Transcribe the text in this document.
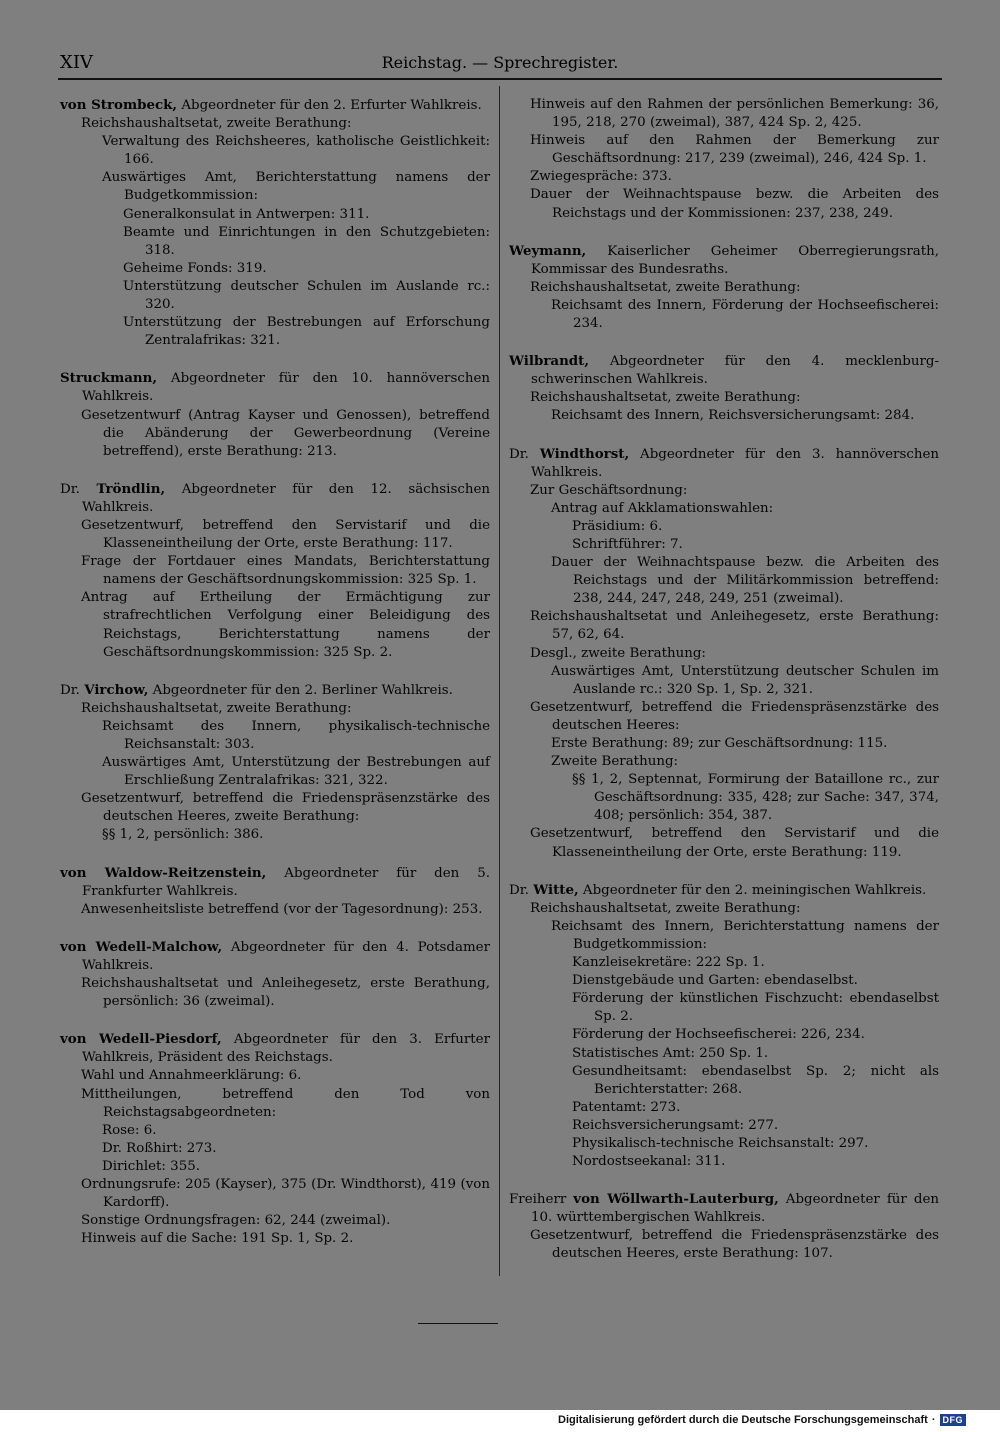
XIV	Reichstag. — Sprechregister.
von Strombeck, Abgeordneter für den 2. Erfurter Wahlkreis.
Reichshaushaltsetat, zweite Berathung:
Verwaltung des Reichsheeres, katholische Geistlichkeit: 166.
Auswärtiges Amt, Berichterstattung namens der Budgetkommission:
Generalkonsulat in Antwerpen: 311.
Beamte und Einrichtungen in den Schutzgebieten: 318.
Geheime Fonds: 319.
Unterstützung deutscher Schulen im Auslande rc.: 320.
Unterstützung der Bestrebungen auf Erforschung Zentralafrikas: 321.
Struckmann, Abgeordneter für den 10. hannöverschen Wahlkreis.
Gesetzentwurf (Antrag Kayser und Genossen), betreffend die Abänderung der Gewerbeordnung (Vereine betreffend), erste Berathung: 213.
Dr. Tröndlin, Abgeordneter für den 12. sächsischen Wahlkreis.
Gesetzentwurf, betreffend den Servistarif und die Klasseneintheilung der Orte, erste Berathung: 117.
Frage der Fortdauer eines Mandats, Berichterstattung namens der Geschäftsordnungskommission: 325 Sp. 1.
Antrag auf Ertheilung der Ermächtigung zur strafrechtlichen Verfolgung einer Beleidigung des Reichstags, Berichterstattung namens der Geschäftsordnungskommission: 325 Sp. 2.
Dr. Virchow, Abgeordneter für den 2. Berliner Wahlkreis.
Reichshaushaltsetat, zweite Berathung:
Reichsamt des Innern, physikalisch-technische Reichsanstalt: 303.
Auswärtiges Amt, Unterstützung der Bestrebungen auf Erschließung Zentralafrikas: 321, 322.
Gesetzentwurf, betreffend die Friedenspräsenzstärke des deutschen Heeres, zweite Berathung:
§§ 1, 2, persönlich: 386.
von Waldow-Reitzenstein, Abgeordneter für den 5. Frankfurter Wahlkreis.
Anwesenheitsliste betreffend (vor der Tagesordnung): 253.
von Wedell-Malchow, Abgeordneter für den 4. Potsdamer Wahlkreis.
Reichshaushaltsetat und Anleihegesetz, erste Berathung, persönlich: 36 (zweimal).
von Wedell-Piesdorf, Abgeordneter für den 3. Erfurter Wahlkreis, Präsident des Reichstags.
Wahl und Annahmeerklärung: 6.
Mittheilungen, betreffend den Tod von Reichstagsabgeordneten:
Rose: 6.
Dr. Roßhirt: 273.
Dirichlet: 355.
Ordnungsrufe: 205 (Kayser), 375 (Dr. Windthorst), 419 (von Kardorff).
Sonstige Ordnungsfragen: 62, 244 (zweimal).
Hinweis auf die Sache: 191 Sp. 1, Sp. 2.
Hinweis auf den Rahmen der persönlichen Bemerkung: 36, 195, 218, 270 (zweimal), 387, 424 Sp. 2, 425.
Hinweis auf den Rahmen der Bemerkung zur Geschäftsordnung: 217, 239 (zweimal), 246, 424 Sp. 1.
Zwiegespräche: 373.
Dauer der Weihnachtspause bezw. die Arbeiten des Reichstags und der Kommissionen: 237, 238, 249.
Weymann, Kaiserlicher Geheimer Oberregierungsrath, Kommissar des Bundesraths.
Reichshaushaltsetat, zweite Berathung:
Reichsamt des Innern, Förderung der Hochseefischerei: 234.
Wilbrandt, Abgeordneter für den 4. mecklenburg-schwerinschen Wahlkreis.
Reichshaushaltsetat, zweite Berathung:
Reichsamt des Innern, Reichsversicherungsamt: 284.
Dr. Windthorst, Abgeordneter für den 3. hannöverschen Wahlkreis.
Zur Geschäftsordnung:
Antrag auf Akklamationswahlen:
Präsidium: 6.
Schriftführer: 7.
Dauer der Weihnachtspause bezw. die Arbeiten des Reichstags und der Militärkommission betreffend: 238, 244, 247, 248, 249, 251 (zweimal).
Reichshaushaltsetat und Anleihegesetz, erste Berathung: 57, 62, 64.
Desgl., zweite Berathung:
Auswärtiges Amt, Unterstützung deutscher Schulen im Auslande rc.: 320 Sp. 1, Sp. 2, 321.
Gesetzentwurf, betreffend die Friedenspräsenzstärke des deutschen Heeres:
Erste Berathung: 89; zur Geschäftsordnung: 115.
Zweite Berathung:
§§ 1, 2, Septennat, Formirung der Bataillone rc., zur Geschäftsordnung: 335, 428; zur Sache: 347, 374, 408; persönlich: 354, 387.
Gesetzentwurf, betreffend den Servistarif und die Klasseneintheilung der Orte, erste Berathung: 119.
Dr. Witte, Abgeordneter für den 2. meiningischen Wahlkreis.
Reichshaushaltsetat, zweite Berathung:
Reichsamt des Innern, Berichterstattung namens der Budgetkommission:
Kanzleisekretäre: 222 Sp. 1.
Dienstgebäude und Garten: ebendaselbst.
Förderung der künstlichen Fischzucht: ebendaselbst Sp. 2.
Förderung der Hochseefischerei: 226, 234.
Statistisches Amt: 250 Sp. 1.
Gesundheitsamt: ebendaselbst Sp. 2; nicht als Berichterstatter: 268.
Patentamt: 273.
Reichsversicherungsamt: 277.
Physikalisch-technische Reichsanstalt: 297.
Nordostseekanal: 311.
Freiherr von Wöllwarth-Lauterburg, Abgeordneter für den 10. württembergischen Wahlkreis.
Gesetzentwurf, betreffend die Friedenspräsenzstärke des deutschen Heeres, erste Berathung: 107.
Digitalisierung gefördert durch die Deutsche Forschungsgemeinschaft · DFG
